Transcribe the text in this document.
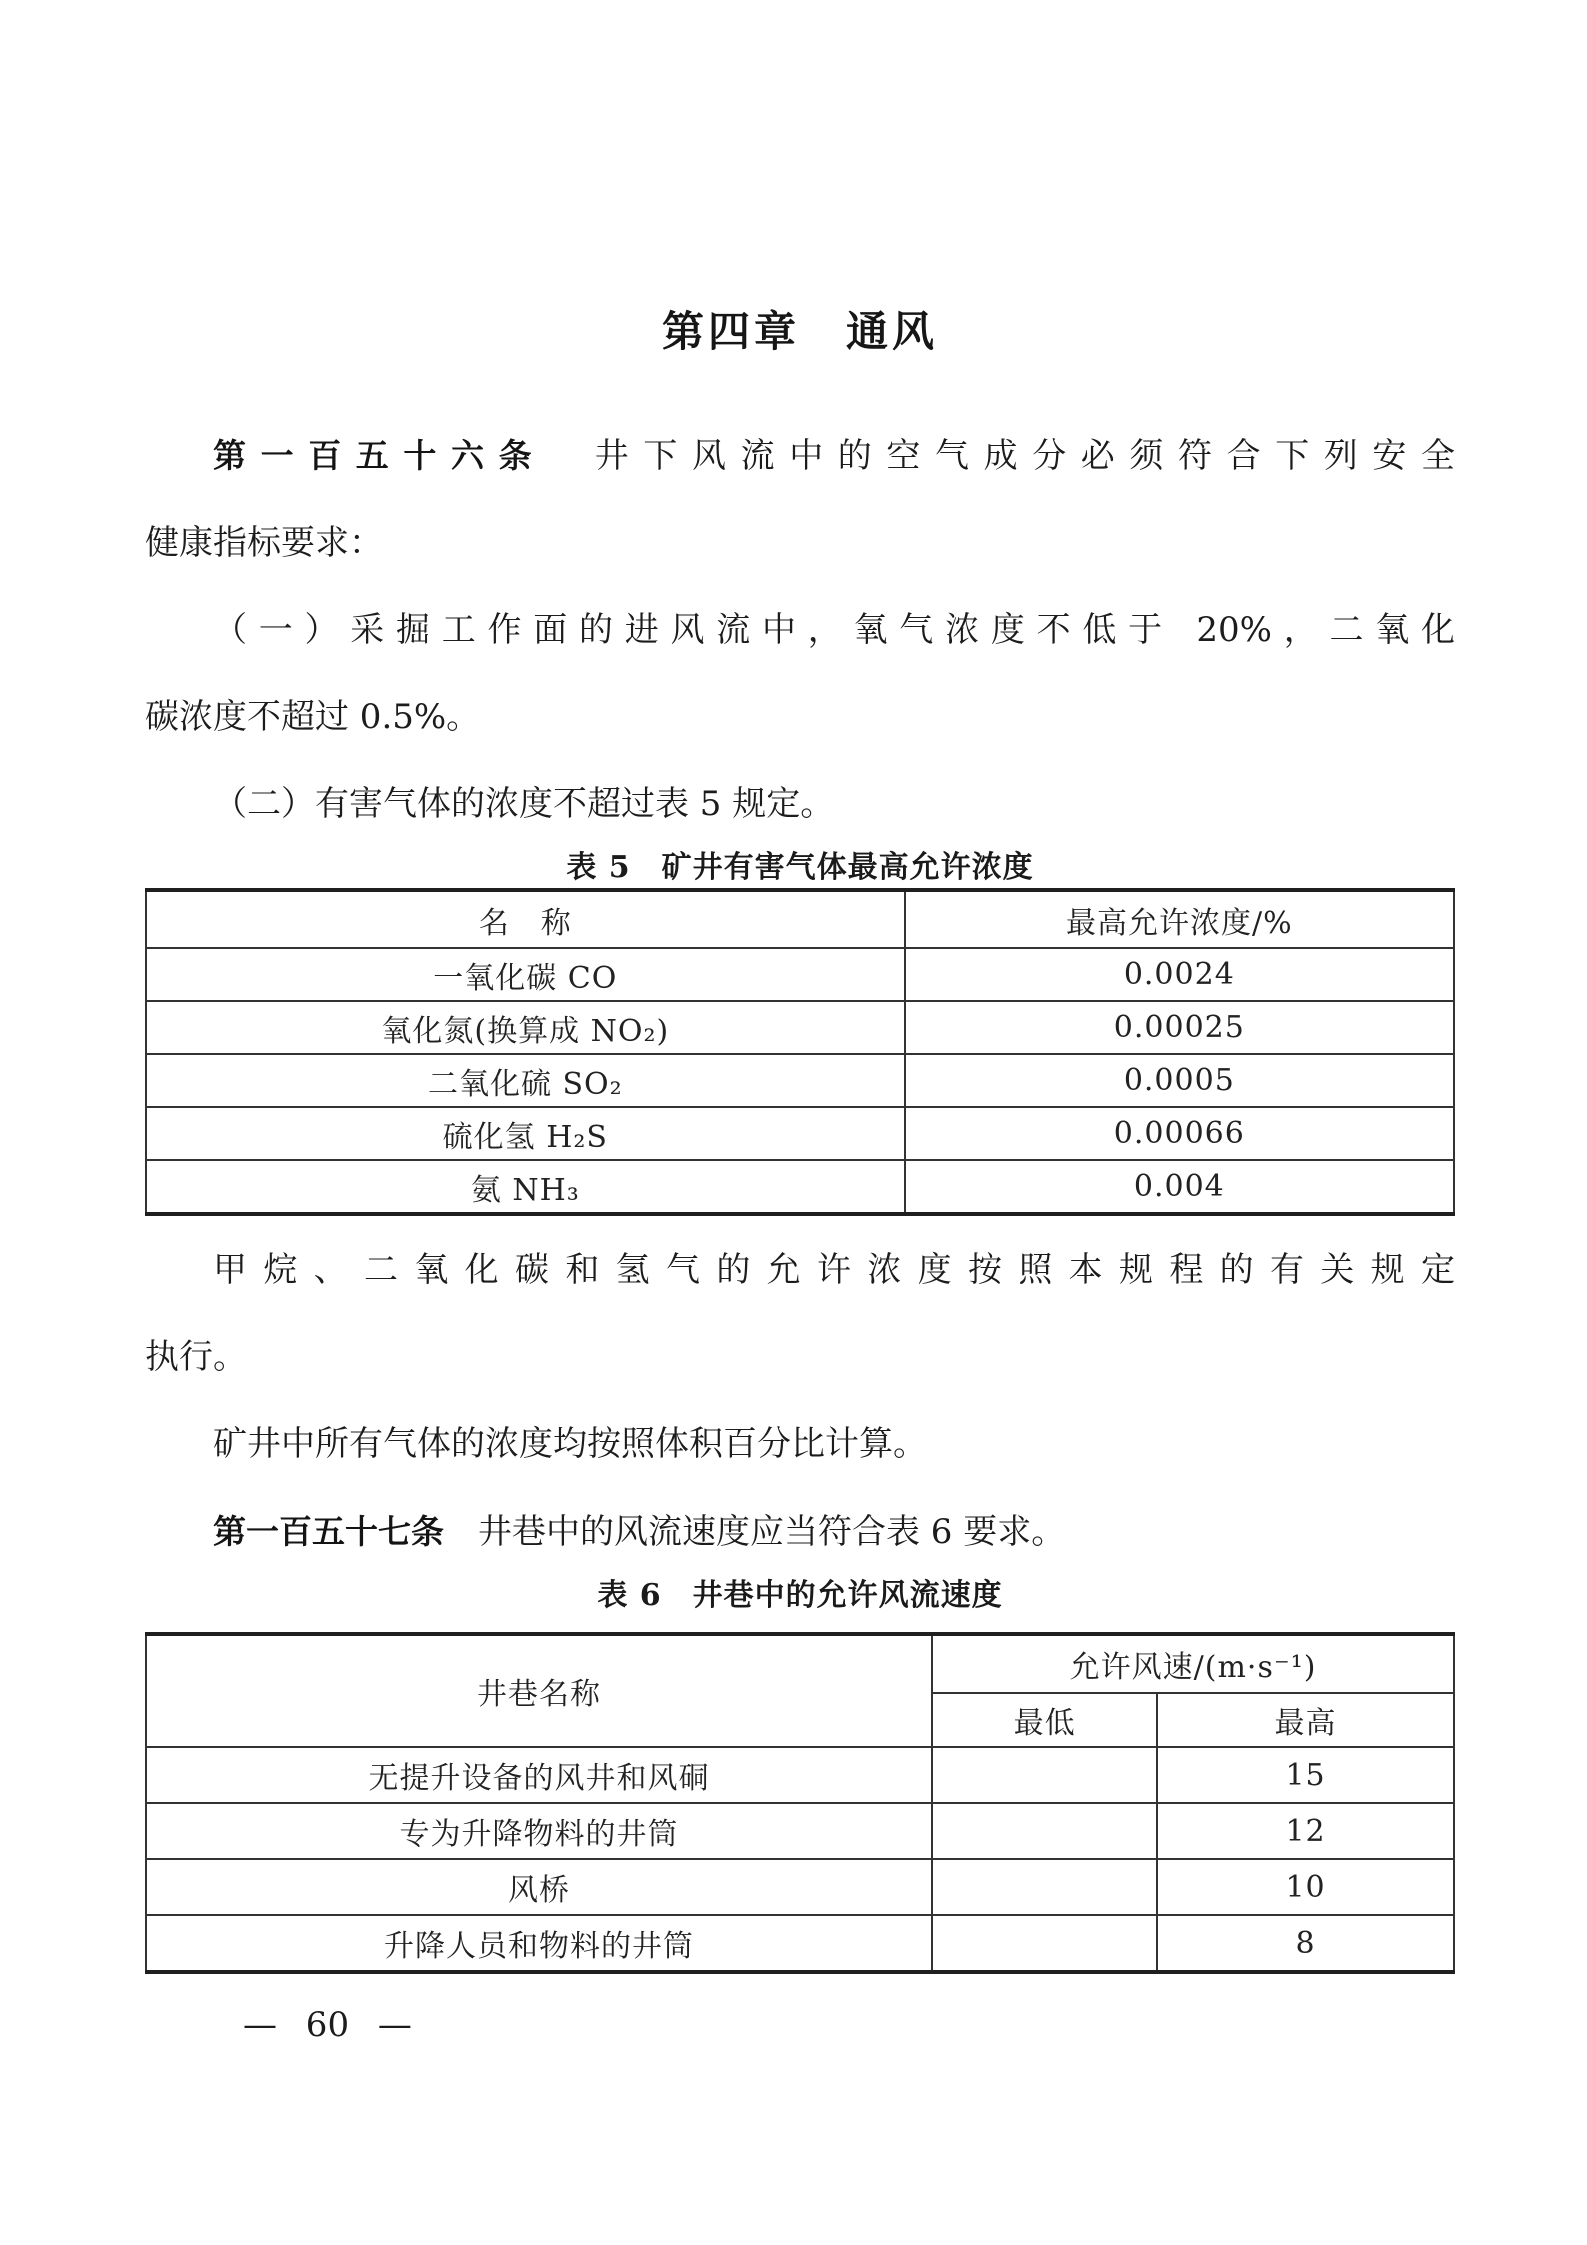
第四章　通风
第一百五十六条　井下风流中的空气成分必须符合下列安全
健康指标要求：
（一）采掘工作面的进风流中，氧气浓度不低于 20%，二氧化
碳浓度不超过 0.5%。
（二）有害气体的浓度不超过表 5 规定。
表 5　矿井有害气体最高允许浓度
名　称	最高允许浓度/%
一氧化碳 CO	0.0024
氧化氮(换算成 NO₂)	0.00025
二氧化硫 SO₂	0.0005
硫化氢 H₂S	0.00066
氨 NH₃	0.004
甲烷、二氧化碳和氢气的允许浓度按照本规程的有关规定
执行。
矿井中所有气体的浓度均按照体积百分比计算。
第一百五十七条　井巷中的风流速度应当符合表 6 要求。
表 6　井巷中的允许风流速度
井巷名称	允许风速/(m·s⁻¹)	
	最低	最高
无提升设备的风井和风硐		15
专为升降物料的井筒		12
风桥		10
升降人员和物料的井筒		8
— 60 —
